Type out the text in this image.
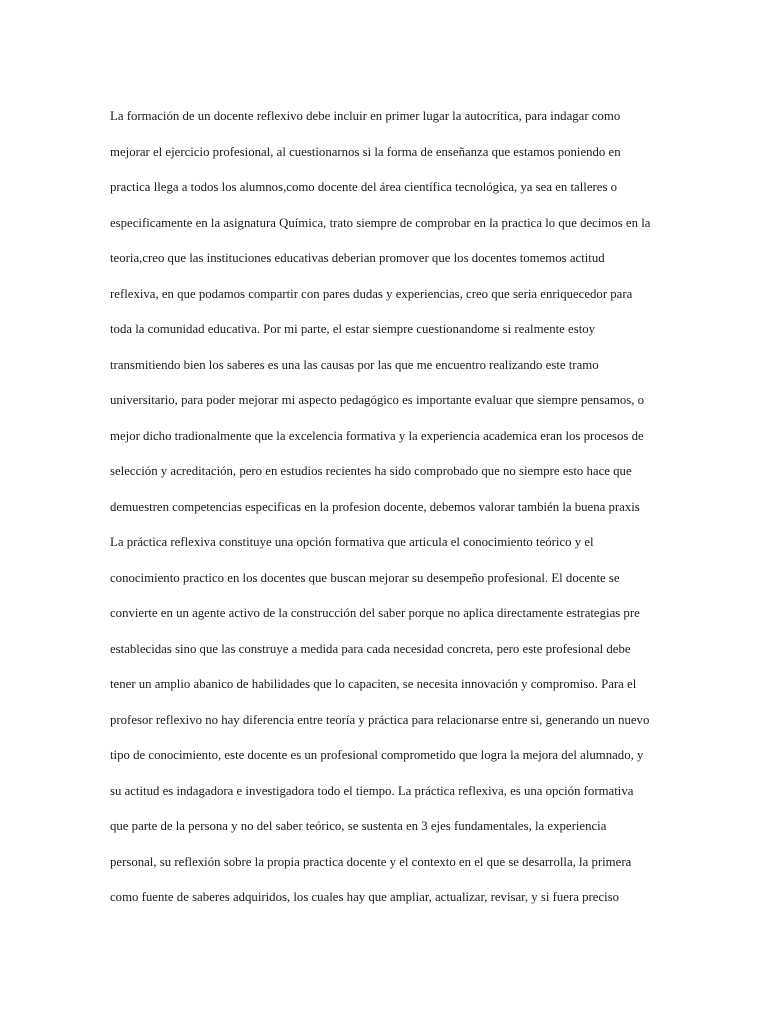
La formación de un docente reflexivo debe incluir en primer lugar la autocrítica, para indagar como
mejorar el ejercicio profesional, al cuestionarnos si la forma de enseñanza que estamos poniendo en
practica llega a todos los alumnos,como docente del área científica tecnológica, ya sea en talleres o
especificamente en la asignatura Química, trato siempre de comprobar en la practica lo que decimos en la
teoria,creo que las instituciones educativas deberian promover que los docentes tomemos actitud
reflexiva, en que podamos compartir con pares dudas y experiencias, creo que seria enriquecedor para
toda la comunidad educativa. Por mi parte, el estar siempre cuestionandome si realmente estoy
transmitiendo bien los saberes es una las causas por las que me encuentro realizando este tramo
universitario, para poder mejorar mi aspecto pedagógico es importante evaluar que siempre pensamos, o
mejor dicho tradionalmente que la excelencia formativa y la experiencia academica eran los procesos de
selección y acreditación, pero en estudios recientes ha sido comprobado que no siempre esto hace que
demuestren competencias especificas en la profesion docente, debemos valorar también la buena praxis
La práctica reflexiva constituye una opción formativa que articula el conocimiento teórico y el
conocimiento practico en los docentes que buscan mejorar su desempeño profesional. El docente se
convierte en un agente activo de la construcción del saber porque no aplica directamente estrategias pre
establecidas sino que las construye a medida para cada necesidad concreta, pero este profesional debe
tener un amplio abanico de habilidades que lo capaciten, se necesita innovación y compromiso. Para el
profesor reflexivo no hay diferencia entre teoría y práctica para relacionarse entre si, generando un nuevo
tipo de conocimiento, este docente es un profesional comprometido que logra la mejora del alumnado, y
su actitud es indagadora e investigadora todo el tiempo. La práctica reflexiva, es una opción formativa
que parte de la persona y no del saber teórico, se sustenta en 3 ejes fundamentales, la experiencia
personal, su reflexión sobre la propia practica docente y el contexto en el que se desarrolla, la primera
como fuente de saberes adquiridos, los cuales hay que ampliar, actualizar, revisar, y si fuera preciso
